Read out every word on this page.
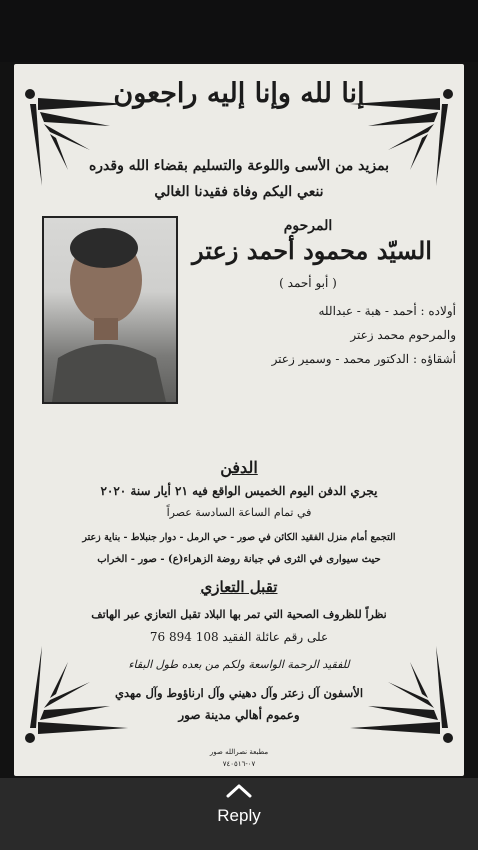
إنا لله وإنا إليه راجعون
بمزيد من الأسى واللوعة والتسليم بقضاء الله وقدره
ننعي اليكم وفاة فقيدنا الغالي
المرحوم
السيّد محمود أحمد زعتر
( أبو أحمد )
أولاده : أحمد - هبة - عبدالله
والمرحوم محمد زعتر
أشقاؤه : الدكتور محمد - وسمير زعتر
الدفن
يجري الدفن اليوم الخميس الواقع فيه ٢١ أيار سنة ٢٠٢٠
في تمام الساعة السادسة عصراً
التجمع أمام منزل الفقيد الكائن في صور - حي الرمل - دوار جنبلاط - بناية زعتر
حيث سيوارى في الثرى في جبانة روضة الزهراء(ع) - صور - الخراب
تقبل التعازي
نظراً للظروف الصحية التي تمر بها البلاد تقبل التعازي عبر الهاتف
على رقم عائلة الفقيد 108 894 76
للفقيد الرحمة الواسعة ولكم من بعده طول البقاء
الأسفون آل زعتر وآل دهيني وآل ارناؤوط وآل مهدي
وعموم أهالي مدينة صور
مطبعة نصرالله صور
٠٧-٧٤٠٥١٦
Reply
